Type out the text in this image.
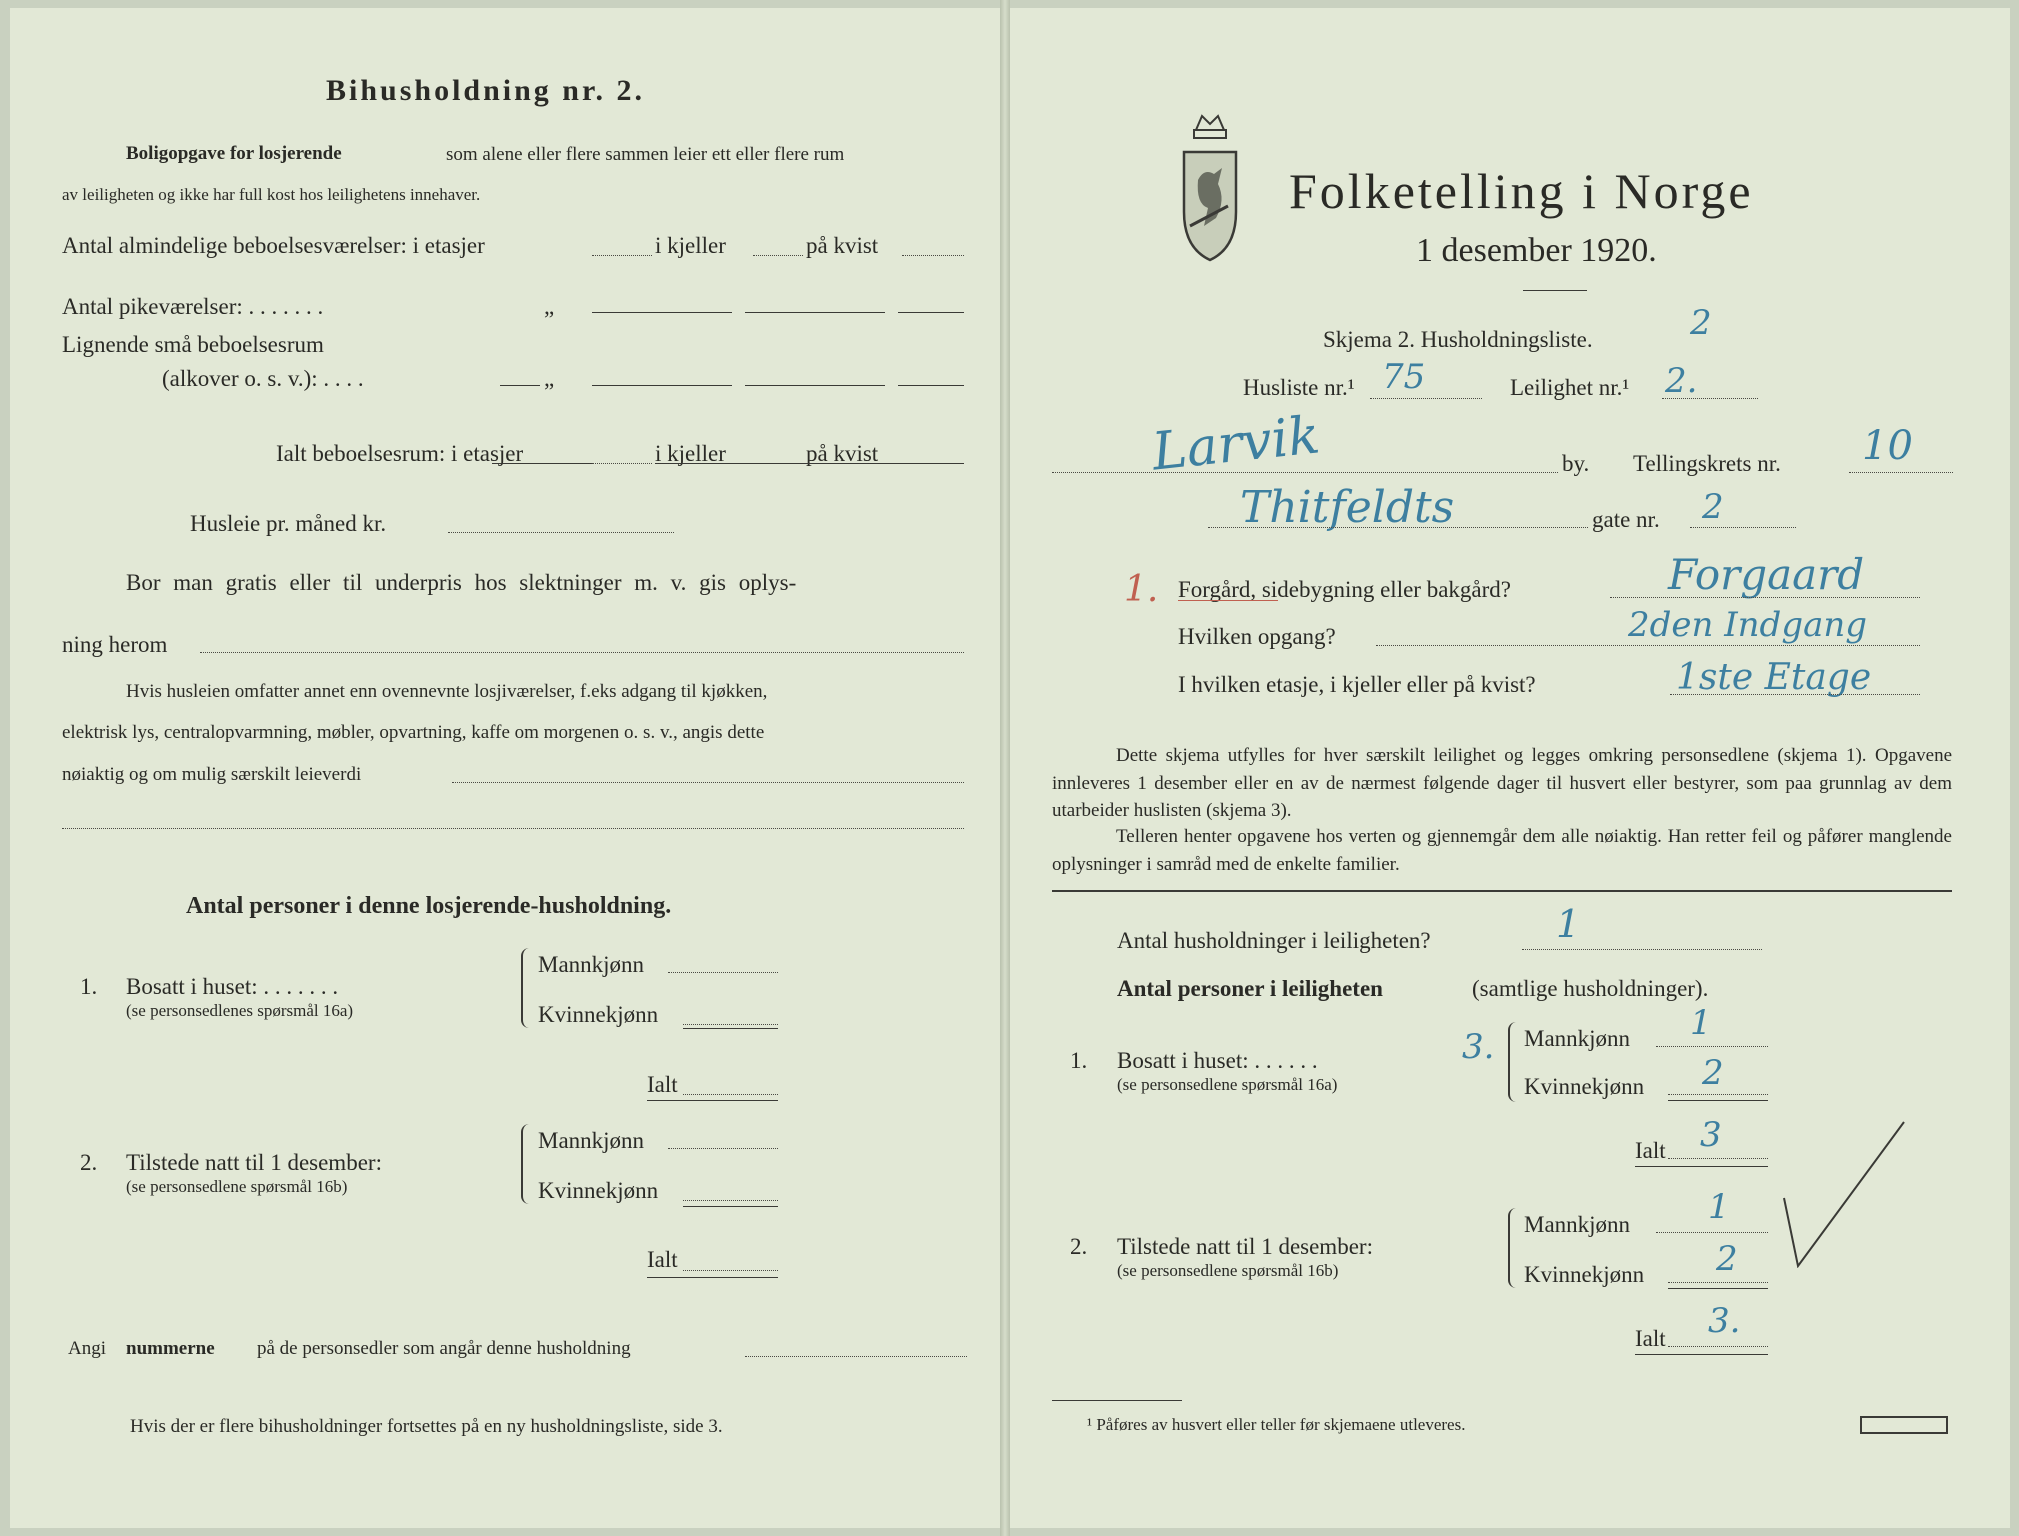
Bihusholdning nr. 2.
Boligopgave for losjerende	som alene eller flere sammen leier ett eller flere rum
av leiligheten og ikke har full kost hos leilighetens innehaver.
Antal almindelige beboelsesværelser: i etasjer	i kjeller	på kvist
Antal pikeværelser: . . . . . . .	„
Lignende små beboelsesrum
(alkover o. s. v.): . . . .	„
Ialt beboelsesrum: i etasjer	i kjeller	på kvist
Husleie pr. måned kr.
Bor man gratis eller til underpris hos slektninger m. v. gis oplys-
ning herom
Hvis husleien omfatter annet enn ovennevnte losjiværelser, f.eks adgang til kjøkken,
elektrisk lys, centralopvarmning, møbler, opvartning, kaffe om morgenen o. s. v., angis dette
nøiaktig og om mulig særskilt leieverdi
Antal personer i denne losjerende-husholdning.
1. Bosatt i huset: . . . . . . .
(se personsedlenes spørsmål 16a)
Mannkjønn
Kvinnekjønn
Ialt
2. Tilstede natt til 1 desember:
(se personsedlene spørsmål 16b)
Mannkjønn
Kvinnekjønn
Ialt
Angi nummerne på de personsedler som angår denne husholdning
Hvis der er flere bihusholdninger fortsettes på en ny husholdningsliste, side 3.
Folketelling i Norge
1 desember 1920.
Skjema 2. Husholdningsliste.	2
Husliste nr.¹ 75	Leilighet nr.¹ 2.
Larvik	by. Tellingskrets nr. 10
Thitfeldts	gate nr. 2
1. Forgård, sidebygning eller bakgård?	Forgaard
Hvilken opgang?	2den Indgang
I hvilken etasje, i kjeller eller på kvist?	1ste Etage
Dette skjema utfylles for hver særskilt leilighet og legges omkring personsedlene (skjema 1). Opgavene innleveres 1 desember eller en av de nærmest følgende dager til husvert eller bestyrer, som paa grunnlag av dem utarbeider huslisten (skjema 3).
Telleren henter opgavene hos verten og gjennemgår dem alle nøiaktig. Han retter feil og påfører manglende oplysninger i samråd med de enkelte familier.
Antal husholdninger i leiligheten?	1
Antal personer i leiligheten	(samtlige husholdninger).
1. Bosatt i huset: . . . . . .	3.
(se personsedlene spørsmål 16a)
Mannkjønn 1
Kvinnekjønn 2
Ialt 3
2. Tilstede natt til 1 desember:
(se personsedlene spørsmål 16b)
Mannkjønn 1
Kvinnekjønn 2
Ialt 3.
¹ Påføres av husvert eller teller før skjemaene utleveres.
